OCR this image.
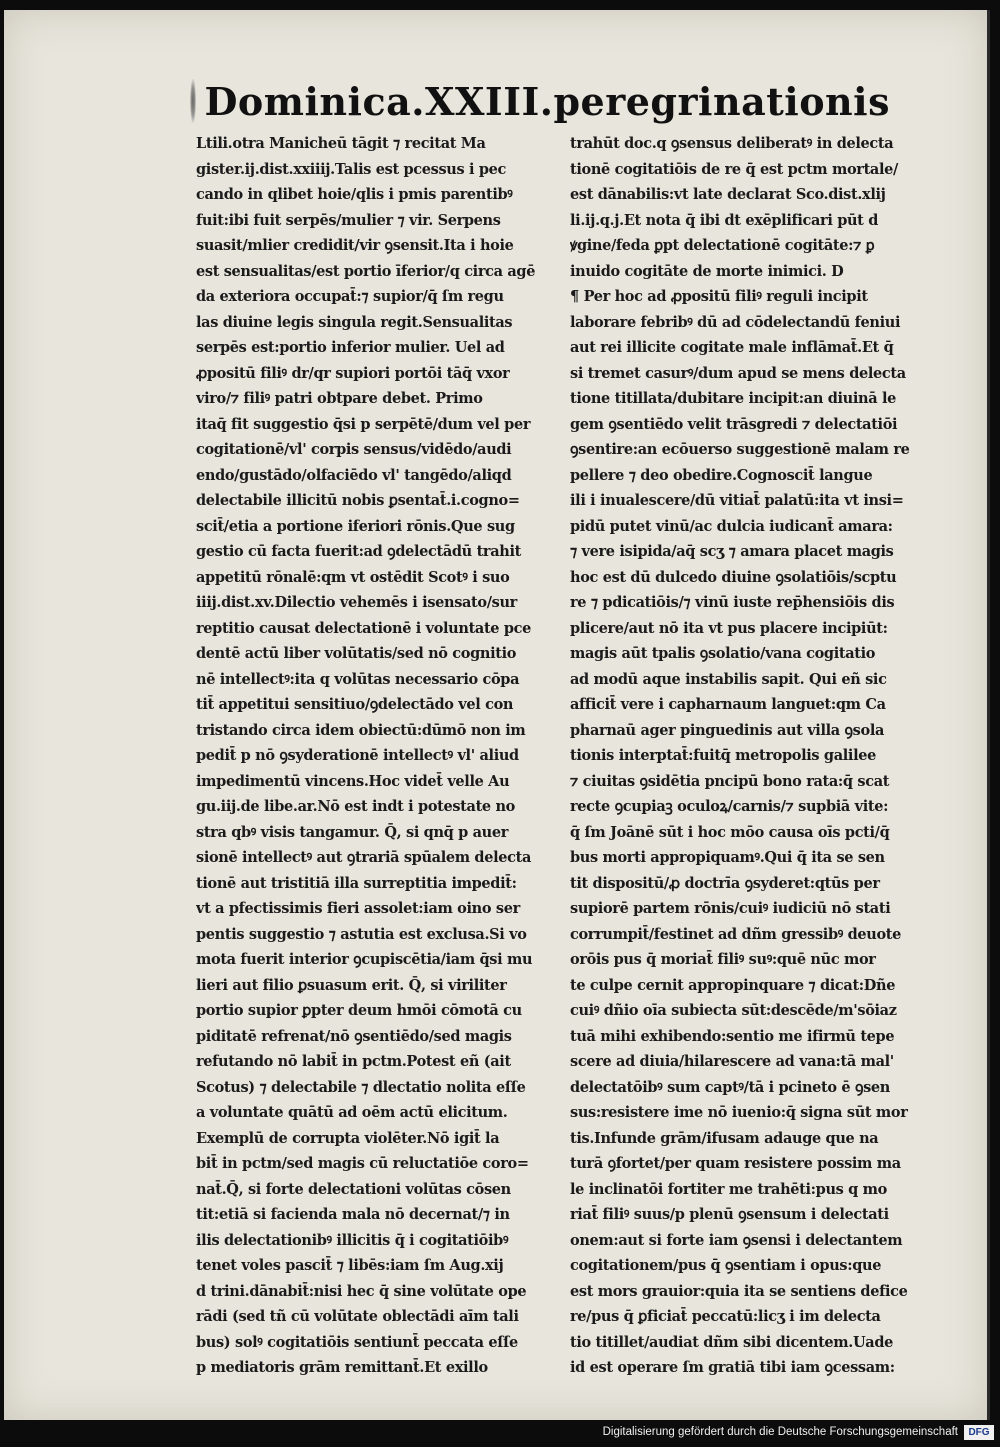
Dominica.XXIII.peregrinationis
Ltili.otra Manicheū tāgit ⁊ recitat Ma
gister.ij.dist.xxiiij.Talis est pcessus i pec
cando in qlibet hoie/qlis i pmis parentibꝰ
fuit:ibi fuit serpēs/mulier ⁊ vir. Serpens
suasit/mlier credidit/vir ꝯsensit.Ita i hoie
est sensualitas/est portio īferior/q circa agē
da exteriora occupat̄:⁊ supior/q̄ ſm regu
las diuine legis singula regit.Sensualitas
serpēs est:portio inferior mulier. Uel ad
ꝓpositū filiꝰ dr/qr supiori portōi tāq̄ vxor
viro/⁊ filiꝰ patri obtpare debet. Primo
itaq̄ fit suggestio q̄si p serpētē/dum vel per
cogitationē/vl' corpis sensus/vidēdo/audi
endo/gustādo/olfaciēdo vl' tangēdo/aliqd
delectabile illicitū nobis ꝑsentat̄.i.cogno=
scit̄/etia a portione iferiori rōnis.Que sug
gestio cū facta fuerit:ad ꝯdelectādū trahit
appetitū rōnalē:qm vt ostēdit Scotꝰ i suo
iiij.dist.xv.Dilectio vehemēs i isensato/sur
reptitio causat delectationē i voluntate pce
dentē actū liber volūtatis/sed nō cognitio
nē intellectꝰ:ita q volūtas necessario cōpa
tit̄ appetitui sensitiuo/ꝯdelectādo vel con
tristando circa idem obiectū:dūmō non im
pedit̄ p nō ꝯsyderationē intellectꝰ vl' aliud
impedimentū vincens.Hoc videt̄ velle Au
gu.iij.de libe.ar.Nō est indt i potestate no
stra qbꝰ visis tangamur. Q̄, si qnq̄ p auer
sionē intellectꝰ aut ꝯtrariā spūalem delecta
tionē aut tristitiā illa surreptitia impedit̄:
vt a pfectissimis fieri assolet:iam oino ser
pentis suggestio ⁊ astutia est exclusa.Si vo
mota fuerit interior ꝯcupiscētia/iam q̄si mu
lieri aut filio ꝑsuasum erit. Q̄, si viriliter
portio supior ꝑpter deum hmōi cōmotā cu
piditatē refrenat/nō ꝯsentiēdo/sed magis
refutando nō labit̄ in pctm.Potest eñ (ait
Scotus) ⁊ delectabile ⁊ dlectatio nolita eſſe
a voluntate quātū ad oēm actū elicitum.
Exemplū de corrupta violēter.Nō igit̄ la
bit̄ in pctm/sed magis cū reluctatiōe coro=
nat̄.Q̄, si forte delectationi volūtas cōsen
tit:etiā si facienda mala nō decernat/⁊ in
ilis delectationibꝰ illicitis q̄ i cogitatiōibꝰ
tenet voles pascit̄ ⁊ libēs:iam ſm Aug.xij
d trini.dānabit̄:nisi hec q̄ sine volūtate ope
rādi (sed tñ cū volūtate oblectādi aīm tali
bus) solꝰ cogitatiōis sentiunt̄ peccata eſſe
p mediatoris grām remittant̄.Et exillo
trahūt doc.q ꝯsensus deliberatꝰ in delecta
tionē cogitatiōis de re q̄ est pctm mortale/
est dānabilis:vt late declarat Sco.dist.xlij
li.ij.q.j.Et nota q̄ ibi dt exēplificari pūt d
ꝟgine/feda ꝑpt delectationē cogitāte:⁊ ꝑ
inuido cogitāte de morte inimici. D
¶ Per hoc ad ꝓpositū filiꝰ reguli incipit
laborare febribꝰ dū ad cōdelectandū feniui
aut rei illicite cogitate male inflāmat̄.Et q̄
si tremet casurꝰ/dum apud se mens delecta
tione titillata/dubitare incipit:an diuinā le
gem ꝯsentiēdo velit trāsgredi ⁊ delectatiōi
ꝯsentire:an ecōuerso suggestionē malam re
pellere ⁊ deo obedire.Cognoscit̄ langue
ili i inualescere/dū vitiat̄ palatū:ita vt insi=
pidū putet vinū/ac dulcia iudicant̄ amara:
⁊ vere isipida/aq̄ scʒ ⁊ amara placet magis
hoc est dū dulcedo diuine ꝯsolatiōis/scptu
re ⁊ pdicatiōis/⁊ vinū iuste rep̄hensiōis dis
plicere/aut nō ita vt pus placere incipiūt:
magis aūt tpalis ꝯsolatio/vana cogitatio
ad modū aque instabilis sapit. Qui eñ sic
afficit̄ vere i capharnaum languet:qm Ca
pharnaū ager pinguedinis aut villa ꝯsola
tionis interptat̄:fuitq̄ metropolis galilee
⁊ ciuitas ꝯsidētia pncipū bono rata:q̄ scat
recte ꝯcupiaꝫ oculoꝝ/carnis/⁊ supbiā vite:
q̄ ſm Joānē sūt i hoc mōo causa oīs pcti/q̄
bus morti appropiquamꝰ.Qui q̄ ita se sen
tit dispositū/ꝓ doctrīa ꝯsyderet:qtūs per
supiorē partem rōnis/cuiꝰ iudiciū nō stati
corrumpit̄/festinet ad dñm gressibꝰ deuote
orōis pus q̄ moriat̄ filiꝰ suꝰ:quē nūc mor
te culpe cernit appropinquare ⁊ dicat:Dñe
cuiꝰ dñio oīa subiecta sūt:descēde/m'sōiaz
tuā mihi exhibendo:sentio me ifirmū tepe
scere ad diuia/hilarescere ad vana:tā mal'
delectatōibꝰ sum captꝰ/tā i pcineto ē ꝯsen
sus:resistere ime nō iuenio:q̄ signa sūt mor
tis.Infunde grām/ifusam adauge que na
turā ꝯfortet/per quam resistere possim ma
le inclinatōi fortiter me trahēti:pus q mo
riat̄ filiꝰ suus/p plenū ꝯsensum i delectati
onem:aut si forte iam ꝯsensi i delectantem
cogitationem/pus q̄ ꝯsentiam i opus:que
est mors grauior:quia ita se sentiens defice
re/pus q̄ ꝑficiat̄ peccatū:licʒ i im delecta
tio titillet/audiat dñm sibi dicentem.Uade
id est operare ſm gratiā tibi iam ꝯcessam:
Digitalisierung gefördert durch die Deutsche Forschungsgemeinschaft	DFG
